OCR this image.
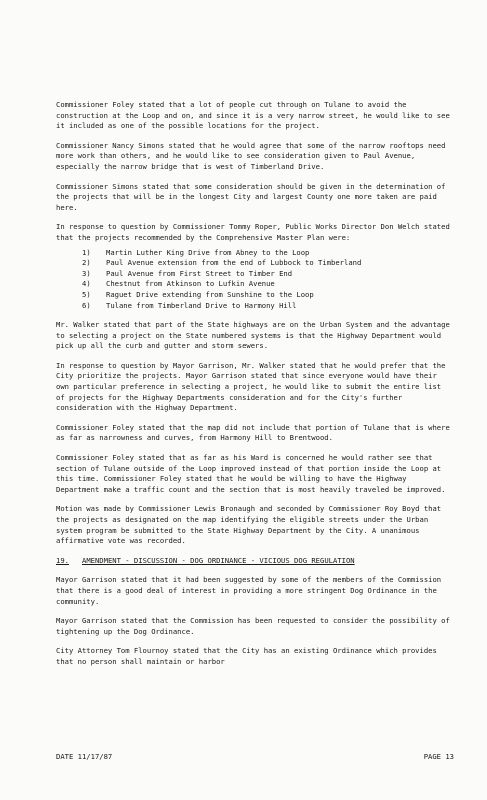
Commissioner Foley stated that a lot of people cut through on Tulane to avoid the construction at the Loop and on, and since it is a very narrow street, he would like to see it included as one of the possible locations for the project.

Commissioner Nancy Simons stated that he would agree that some of the narrow rooftops need more work than others, and he would like to see consideration given to Paul Avenue, especially the narrow bridge that is west of Timberland Drive.

Commissioner Simons stated that some consideration should be given in the determination of the projects that will be in the longest City and largest County one more taken are paid here.

In response to question by Commissioner Tommy Roper, Public Works Director Don Welch stated that the projects recommended by the Comprehensive Master Plan were:

1)	Martin Luther King Drive from Abney to the Loop
2)	Paul Avenue extension from the end of Lubbock to Timberland
3)	Paul Avenue from First Street to Timber End
4)	Chestnut from Atkinson to Lufkin Avenue
5)	Raguet Drive extending from Sunshine to the Loop
6)	Tulane from Timberland Drive to Harmony Hill

Mr. Walker stated that part of the State highways are on the Urban System and the advantage to selecting a project on the State numbered systems is that the Highway Department would pick up all the curb and gutter and storm sewers.

In response to question by Mayor Garrison, Mr. Walker stated that he would prefer that the City prioritize the projects. Mayor Garrison stated that since everyone would have their own particular preference in selecting a project, he would like to submit the entire list of projects for the Highway Departments consideration and for the City's further consideration with the Highway Department.

Commissioner Foley stated that the map did not include that portion of Tulane that is where as far as narrowness and curves, from Harmony Hill to Brentwood.

Commissioner Foley stated that as far as his Ward is concerned he would rather see that section of Tulane outside of the Loop improved instead of that portion inside the Loop at this time. Commissioner Foley stated that he would be willing to have the Highway Department make a traffic count and the section that is most heavily traveled be improved.

Motion was made by Commissioner Lewis Bronaugh and seconded by Commissioner Roy Boyd that the projects as designated on the map identifying the eligible streets under the Urban system program be submitted to the State Highway Department by the City. A unanimous affirmative vote was recorded.

19.	AMENDMENT - DISCUSSION - DOG ORDINANCE - VICIOUS DOG REGULATION

Mayor Garrison stated that it had been suggested by some of the members of the Commission that there is a good deal of interest in providing a more stringent Dog Ordinance in the community.

Mayor Garrison stated that the Commission has been requested to consider the possibility of tightening up the Dog Ordinance.

City Attorney Tom Flournoy stated that the City has an existing Ordinance which provides that no person shall maintain or harbor

DATE 11/17/87	PAGE 13
